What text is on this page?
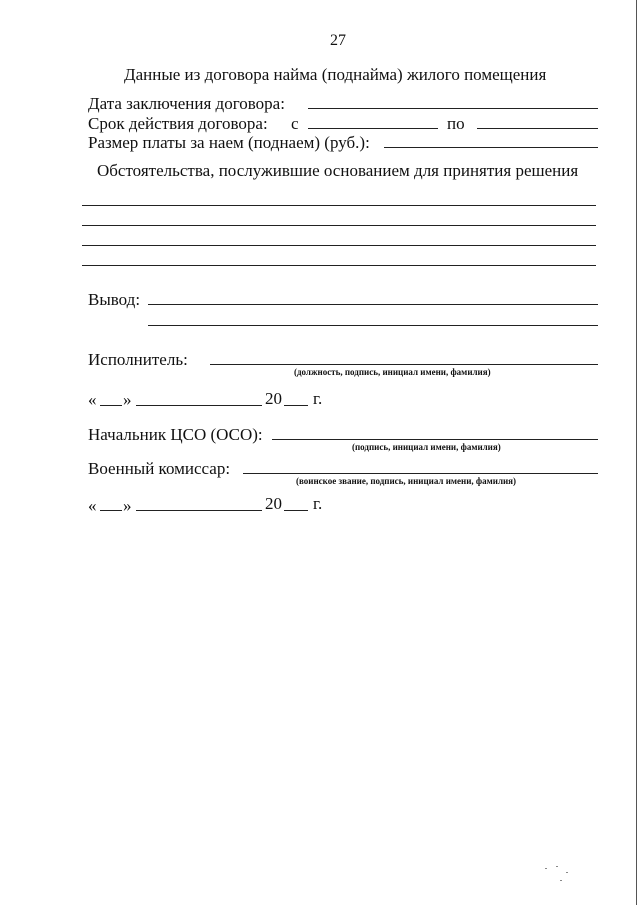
27
Данные из договора найма (поднайма) жилого помещения
Дата заключения договора:
Срок действия договора: с	по
Размер платы за наем (поднаем) (руб.):
Обстоятельства, послужившие основанием для принятия решения
Вывод:
Исполнитель:
(должность, подпись, инициал имени, фамилия)
« »	20 г.
Начальник ЦСО (ОСО):
(подпись, инициал имени, фамилия)
Военный комиссар:
(воинское звание, подпись, инициал имени, фамилия)
« »	20 г.
